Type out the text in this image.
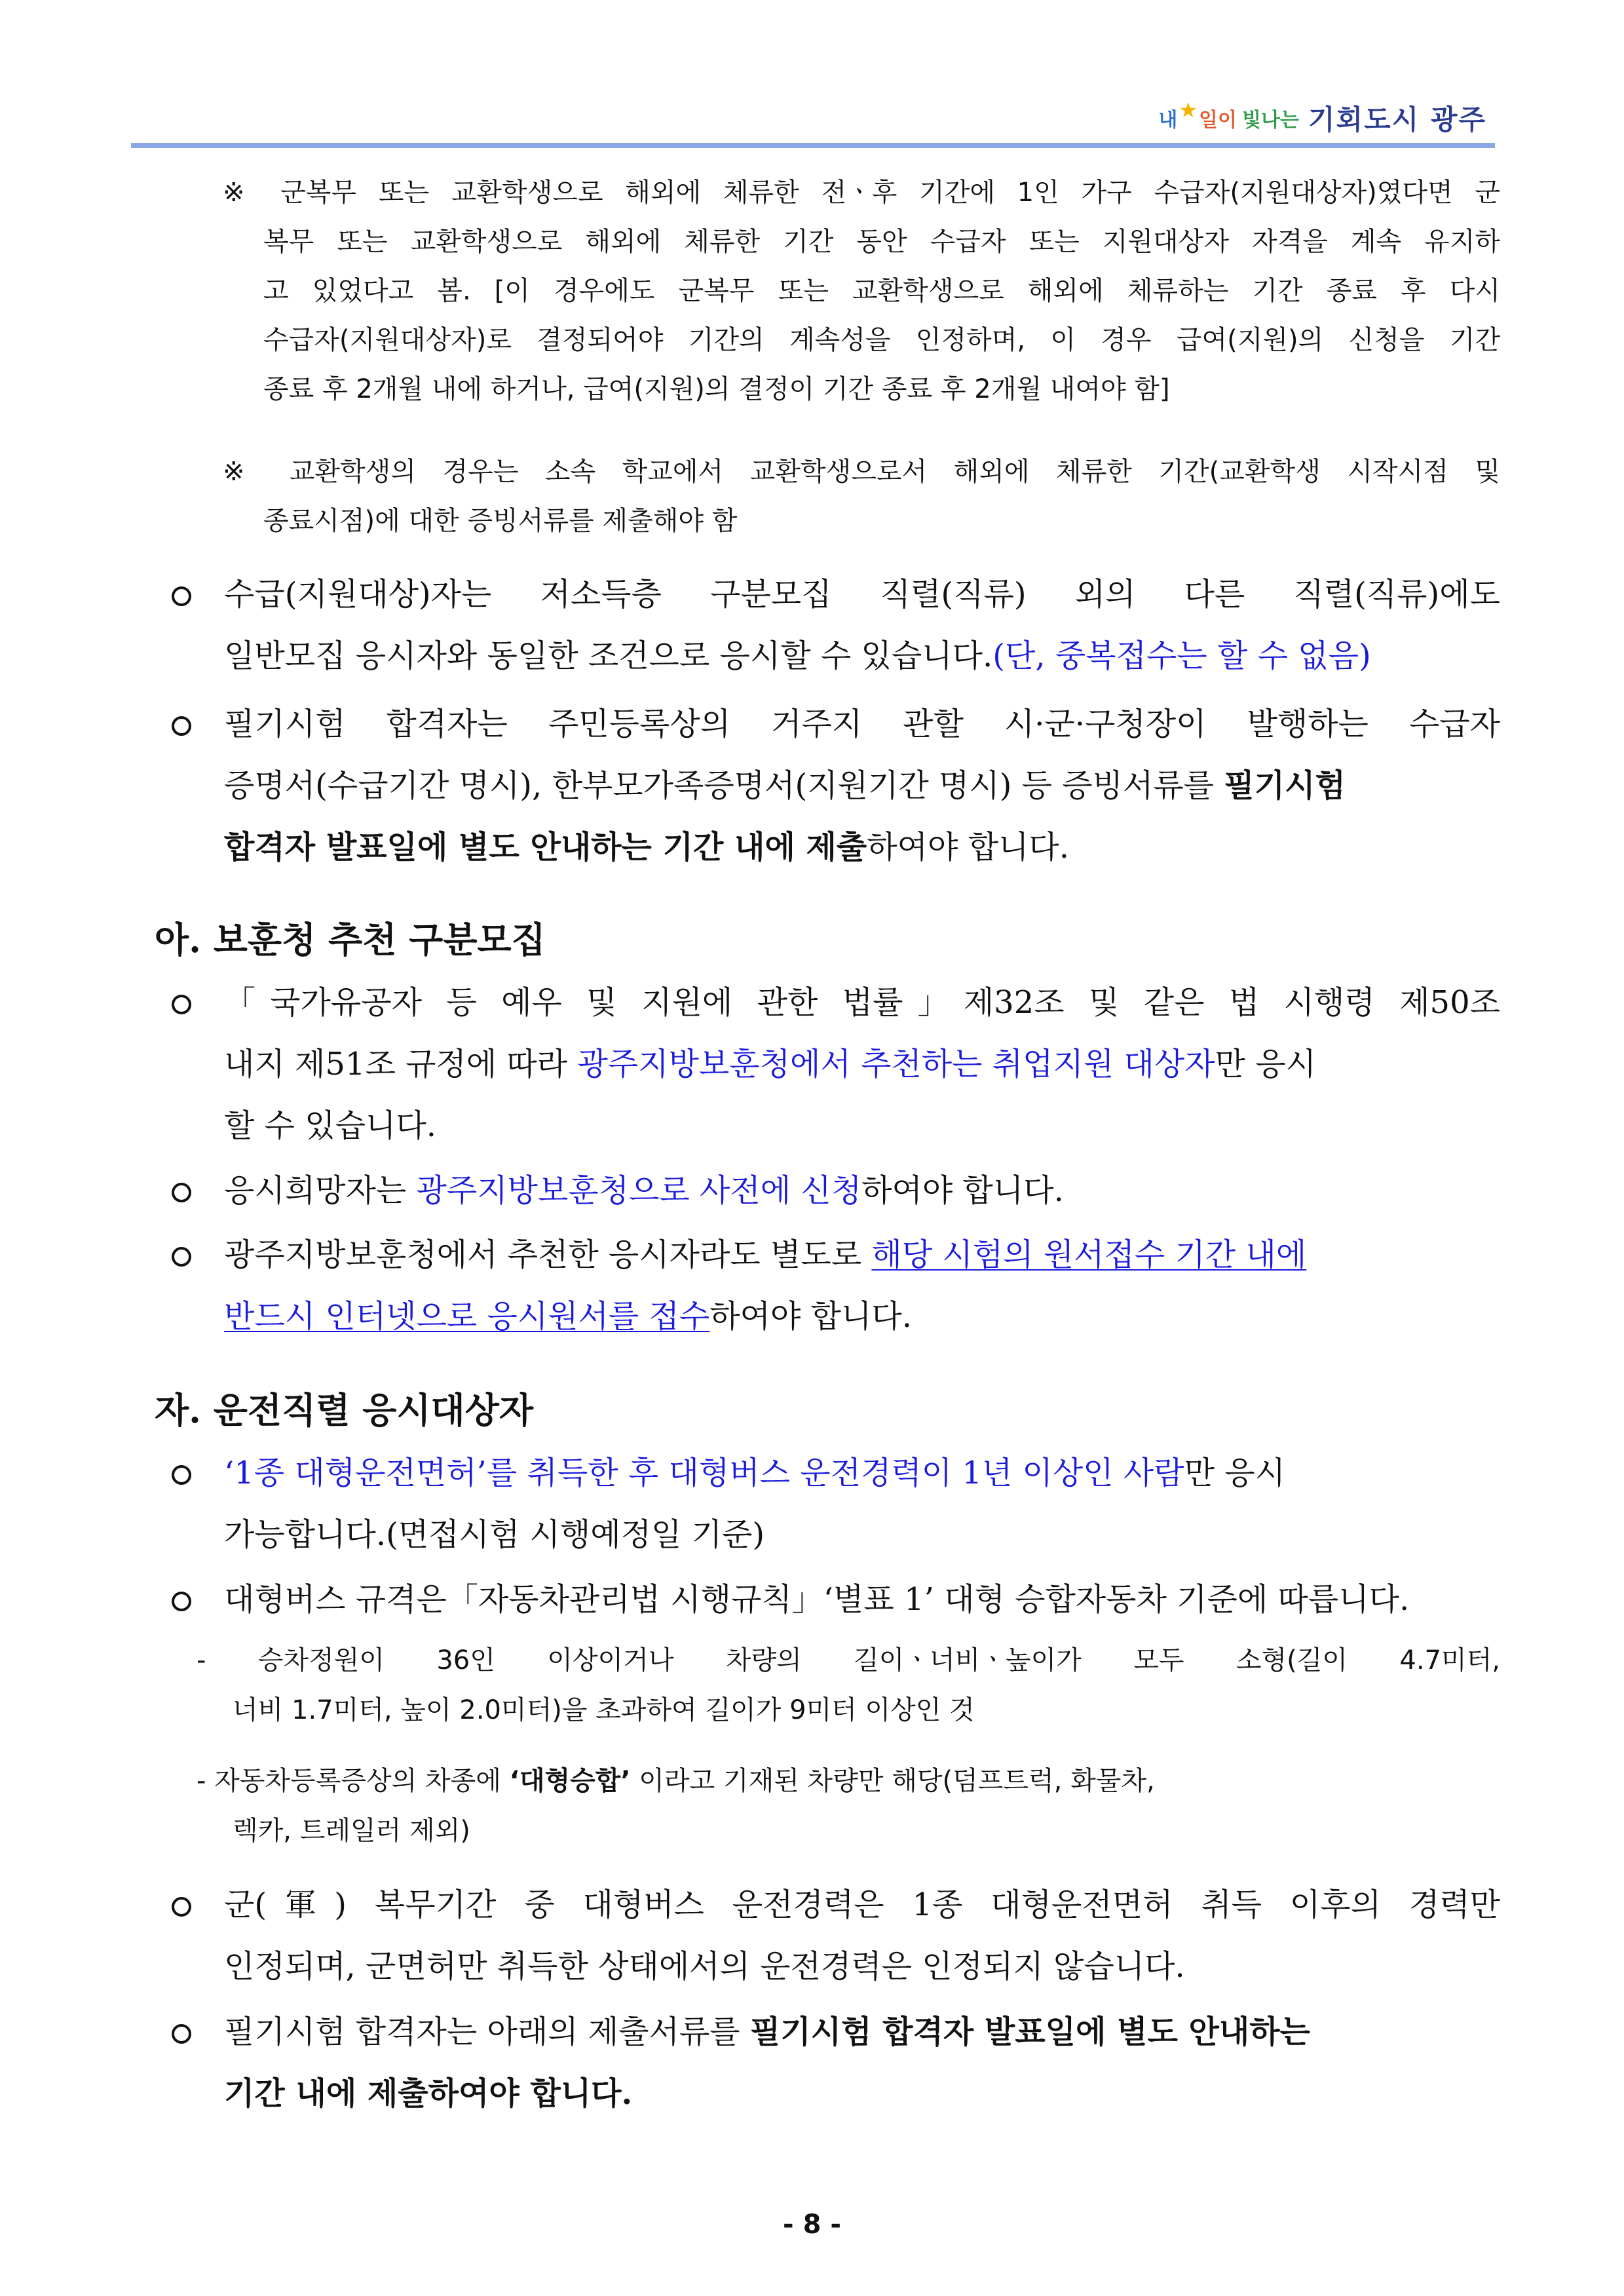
내 ★ 일이 빛나는 기회도시 광주
※ 군복무 또는 교환학생으로 해외에 체류한 전ㆍ후 기간에 1인 가구 수급자(지원대상자)였다면 군
복무 또는 교환학생으로 해외에 체류한 기간 동안 수급자 또는 지원대상자 자격을 계속 유지하
고 있었다고 봄. [이 경우에도 군복무 또는 교환학생으로 해외에 체류하는 기간 종료 후 다시
수급자(지원대상자)로 결정되어야 기간의 계속성을 인정하며, 이 경우 급여(지원)의 신청을 기간
종료 후 2개월 내에 하거나, 급여(지원)의 결정이 기간 종료 후 2개월 내여야 함]
※ 교환학생의 경우는 소속 학교에서 교환학생으로서 해외에 체류한 기간(교환학생 시작시점 및
종료시점)에 대한 증빙서류를 제출해야 함
수급(지원대상)자는 저소득층 구분모집 직렬(직류) 외의 다른 직렬(직류)에도
일반모집 응시자와 동일한 조건으로 응시할 수 있습니다.(단, 중복접수는 할 수 없음)
필기시험 합격자는 주민등록상의 거주지 관할 시·군·구청장이 발행하는 수급자
증명서(수급기간 명시), 한부모가족증명서(지원기간 명시) 등 증빙서류를 필기시험
합격자 발표일에 별도 안내하는 기간 내에 제출하여야 합니다.
아. 보훈청 추천 구분모집
「국가유공자 등 예우 및 지원에 관한 법률」제32조 및 같은 법 시행령 제50조
내지 제51조 규정에 따라 광주지방보훈청에서 추천하는 취업지원 대상자만 응시
할 수 있습니다.
응시희망자는 광주지방보훈청으로 사전에 신청하여야 합니다.
광주지방보훈청에서 추천한 응시자라도 별도로 해당 시험의 원서접수 기간 내에
반드시 인터넷으로 응시원서를 접수하여야 합니다.
자. 운전직렬 응시대상자
‘1종 대형운전면허’를 취득한 후 대형버스 운전경력이 1년 이상인 사람만 응시
가능합니다.(면접시험 시행예정일 기준)
대형버스 규격은「자동차관리법 시행규칙」‘별표 1’ 대형 승합자동차 기준에 따릅니다.
- 승차정원이 36인 이상이거나 차량의 길이ㆍ너비ㆍ높이가 모두 소형(길이 4.7미터,
너비 1.7미터, 높이 2.0미터)을 초과하여 길이가 9미터 이상인 것
- 자동차등록증상의 차종에 ‘대형승합’ 이라고 기재된 차량만 해당(덤프트럭, 화물차,
렉카, 트레일러 제외)
군(軍) 복무기간 중 대형버스 운전경력은 1종 대형운전면허 취득 이후의 경력만
인정되며, 군면허만 취득한 상태에서의 운전경력은 인정되지 않습니다.
필기시험 합격자는 아래의 제출서류를 필기시험 합격자 발표일에 별도 안내하는
기간 내에 제출하여야 합니다.
- 8 -
